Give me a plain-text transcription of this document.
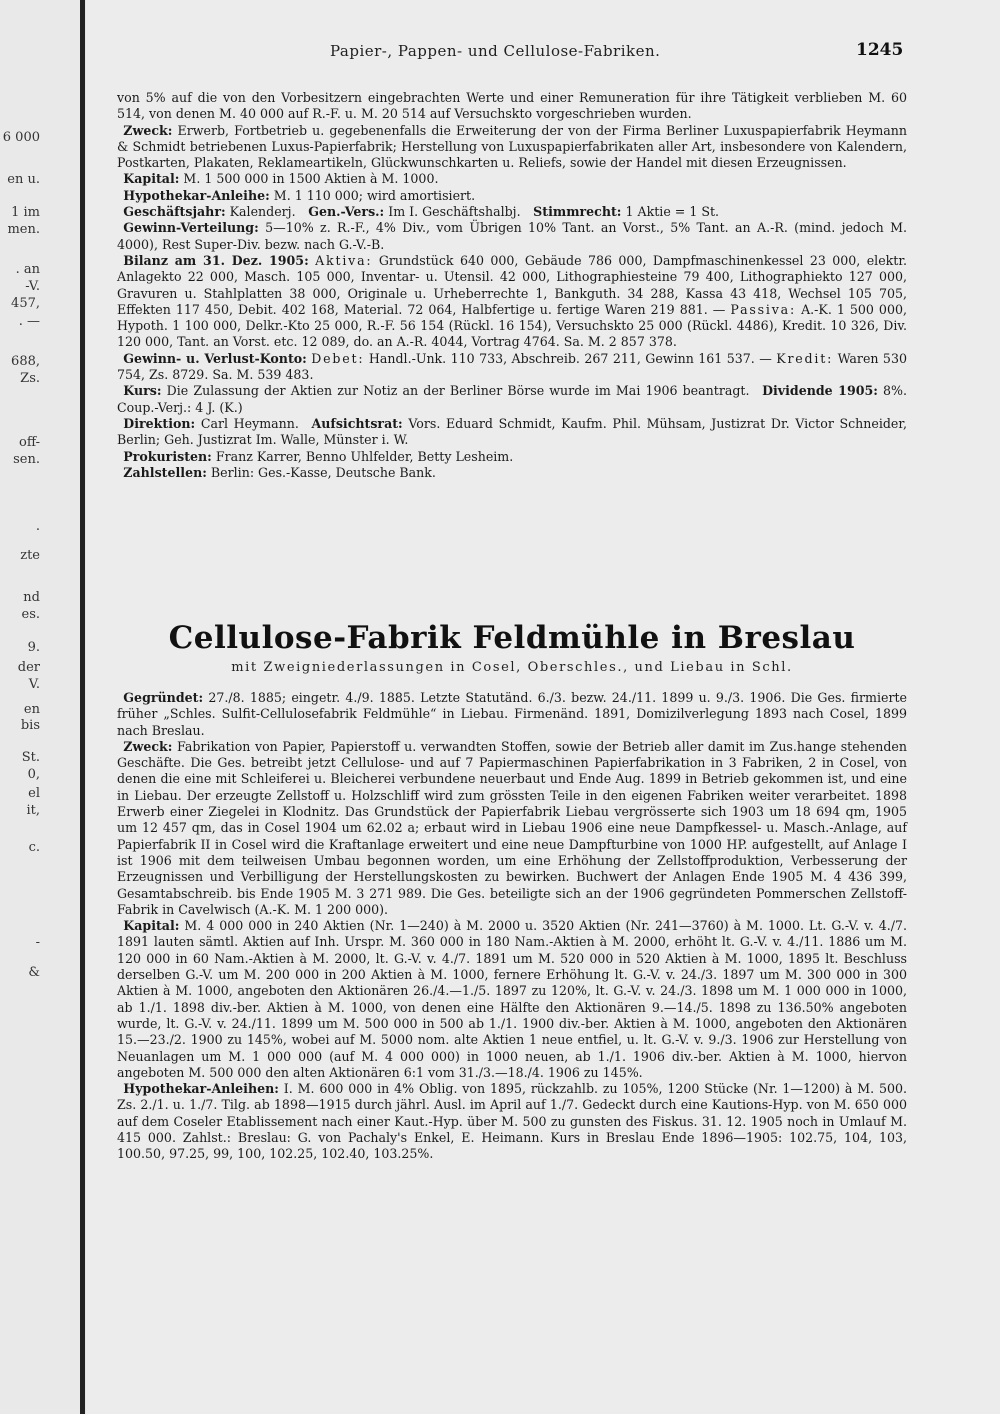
6 000
en u.
1 im
men.
. an
-V.
457,
. —
688,
Zs.
off-
sen.
.
zte
nd
es.
9.
der
V.
en
bis
St.
0,
el
it,
c.
-
&
Papier-, Pappen- und Cellulose-Fabriken.	1245

von 5% auf die von den Vorbesitzern eingebrachten Werte und einer Remuneration für ihre Tätigkeit verblieben M. 60 514, von denen M. 40 000 auf R.-F. u. M. 20 514 auf Versuchskto vorgeschrieben wurden.

 Zweck: Erwerb, Fortbetrieb u. gegebenenfalls die Erweiterung der von der Firma Berliner Luxuspapierfabrik Heymann & Schmidt betriebenen Luxus-Papierfabrik; Herstellung von Luxuspapierfabrikaten aller Art, insbesondere von Kalendern, Postkarten, Plakaten, Reklameartikeln, Glückwunschkarten u. Reliefs, sowie der Handel mit diesen Erzeugnissen.

 Kapital: M. 1 500 000 in 1500 Aktien à M. 1000.

 Hypothekar-Anleihe: M. 1 110 000; wird amortisiert.

 Geschäftsjahr: Kalenderj.  Gen.-Vers.: Im I. Geschäftshalbj.  Stimmrecht: 1 Aktie = 1 St.

 Gewinn-Verteilung: 5—10% z. R.-F., 4% Div., vom Übrigen 10% Tant. an Vorst., 5% Tant. an A.-R. (mind. jedoch M. 4000), Rest Super-Div. bezw. nach G.-V.-B.

 Bilanz am 31. Dez. 1905: Aktiva: Grundstück 640 000, Gebäude 786 000, Dampfmaschinenkessel 23 000, elektr. Anlagekto 22 000, Masch. 105 000, Inventar- u. Utensil. 42 000, Lithographiesteine 79 400, Lithographiekto 127 000, Gravuren u. Stahlplatten 38 000, Originale u. Urheberrechte 1, Bankguth. 34 288, Kassa 43 418, Wechsel 105 705, Effekten 117 450, Debit. 402 168, Material. 72 064, Halbfertige u. fertige Waren 219 881. — Passiva: A.-K. 1 500 000, Hypoth. 1 100 000, Delkr.-Kto 25 000, R.-F. 56 154 (Rückl. 16 154), Versuchskto 25 000 (Rückl. 4486), Kredit. 10 326, Div. 120 000, Tant. an Vorst. etc. 12 089, do. an A.-R. 4044, Vortrag 4764. Sa. M. 2 857 378.

 Gewinn- u. Verlust-Konto: Debet: Handl.-Unk. 110 733, Abschreib. 267 211, Gewinn 161 537. — Kredit: Waren 530 754, Zs. 8729. Sa. M. 539 483.

 Kurs: Die Zulassung der Aktien zur Notiz an der Berliner Börse wurde im Mai 1906 beantragt.  Dividende 1905: 8%. Coup.-Verj.: 4 J. (K.)

 Direktion: Carl Heymann.  Aufsichtsrat: Vors. Eduard Schmidt, Kaufm. Phil. Mühsam, Justizrat Dr. Victor Schneider, Berlin; Geh. Justizrat Im. Walle, Münster i. W.

 Prokuristen: Franz Karrer, Benno Uhlfelder, Betty Lesheim.

 Zahlstellen: Berlin: Ges.-Kasse, Deutsche Bank.

Cellulose-Fabrik Feldmühle in Breslau
mit Zweigniederlassungen in Cosel, Oberschles., und Liebau in Schl.

 Gegründet: 27./8. 1885; eingetr. 4./9. 1885. Letzte Statutänd. 6./3. bezw. 24./11. 1899 u. 9./3. 1906. Die Ges. firmierte früher „Schles. Sulfit-Cellulosefabrik Feldmühle“ in Liebau. Firmenänd. 1891, Domizilverlegung 1893 nach Cosel, 1899 nach Breslau.

 Zweck: Fabrikation von Papier, Papierstoff u. verwandten Stoffen, sowie der Betrieb aller damit im Zus.hange stehenden Geschäfte. Die Ges. betreibt jetzt Cellulose- und auf 7 Papiermaschinen Papierfabrikation in 3 Fabriken, 2 in Cosel, von denen die eine mit Schleiferei u. Bleicherei verbundene neuerbaut und Ende Aug. 1899 in Betrieb gekommen ist, und eine in Liebau. Der erzeugte Zellstoff u. Holzschliff wird zum grössten Teile in den eigenen Fabriken weiter verarbeitet. 1898 Erwerb einer Ziegelei in Klodnitz. Das Grundstück der Papierfabrik Liebau vergrösserte sich 1903 um 18 694 qm, 1905 um 12 457 qm, das in Cosel 1904 um 62.02 a; erbaut wird in Liebau 1906 eine neue Dampfkessel- u. Masch.-Anlage, auf Papierfabrik II in Cosel wird die Kraftanlage erweitert und eine neue Dampfturbine von 1000 HP. aufgestellt, auf Anlage I ist 1906 mit dem teilweisen Umbau begonnen worden, um eine Erhöhung der Zellstoffproduktion, Verbesserung der Erzeugnissen und Verbilligung der Herstellungskosten zu bewirken. Buchwert der Anlagen Ende 1905 M. 4 436 399, Gesamtabschreib. bis Ende 1905 M. 3 271 989. Die Ges. beteiligte sich an der 1906 gegründeten Pommerschen Zellstoff-Fabrik in Cavelwisch (A.-K. M. 1 200 000).

 Kapital: M. 4 000 000 in 240 Aktien (Nr. 1—240) à M. 2000 u. 3520 Aktien (Nr. 241—3760) à M. 1000. Lt. G.-V. v. 4./7. 1891 lauten sämtl. Aktien auf Inh. Urspr. M. 360 000 in 180 Nam.-Aktien à M. 2000, erhöht lt. G.-V. v. 4./11. 1886 um M. 120 000 in 60 Nam.-Aktien à M. 2000, lt. G.-V. v. 4./7. 1891 um M. 520 000 in 520 Aktien à M. 1000, 1895 lt. Beschluss derselben G.-V. um M. 200 000 in 200 Aktien à M. 1000, fernere Erhöhung lt. G.-V. v. 24./3. 1897 um M. 300 000 in 300 Aktien à M. 1000, angeboten den Aktionären 26./4.—1./5. 1897 zu 120%, lt. G.-V. v. 24./3. 1898 um M. 1 000 000 in 1000, ab 1./1. 1898 div.-ber. Aktien à M. 1000, von denen eine Hälfte den Aktionären 9.—14./5. 1898 zu 136.50% angeboten wurde, lt. G.-V. v. 24./11. 1899 um M. 500 000 in 500 ab 1./1. 1900 div.-ber. Aktien à M. 1000, angeboten den Aktionären 15.—23./2. 1900 zu 145%, wobei auf M. 5000 nom. alte Aktien 1 neue entfiel, u. lt. G.-V. v. 9./3. 1906 zur Herstellung von Neuanlagen um M. 1 000 000 (auf M. 4 000 000) in 1000 neuen, ab 1./1. 1906 div.-ber. Aktien à M. 1000, hiervon angeboten M. 500 000 den alten Aktionären 6:1 vom 31./3.—18./4. 1906 zu 145%.

 Hypothekar-Anleihen: I. M. 600 000 in 4% Oblig. von 1895, rückzahlb. zu 105%, 1200 Stücke (Nr. 1—1200) à M. 500. Zs. 2./1. u. 1./7. Tilg. ab 1898—1915 durch jährl. Ausl. im April auf 1./7. Gedeckt durch eine Kautions-Hyp. von M. 650 000 auf dem Coseler Etablissement nach einer Kaut.-Hyp. über M. 500 zu gunsten des Fiskus. 31. 12. 1905 noch in Umlauf M. 415 000. Zahlst.: Breslau: G. von Pachaly's Enkel, E. Heimann. Kurs in Breslau Ende 1896—1905: 102.75, 104, 103, 100.50, 97.25, 99, 100, 102.25, 102.40, 103.25%.
